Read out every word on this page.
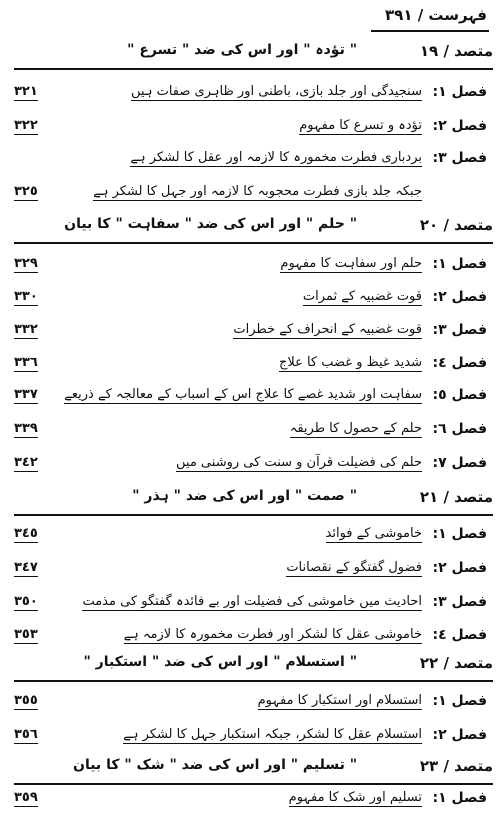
فہرست / ٣٩١
متصد / ١٩
" تؤدہ " اور اس کی ضد " تسرع "
فصل ١:
سنجیدگی اور جلد بازی، باطنی اور ظاہری صفات ہیں
٣٢١
فصل ٢:
تؤدہ و تسرع کا مفہوم
٣٢٢
فصل ٣:
بردباری فطرت مخمورہ کا لازمہ اور عقل کا لشکر ہے
جبکہ جلد بازی فطرت محجوبہ کا لازمہ اور جہل کا لشکر ہے
٣٢٥
متصد / ٢٠
" حلم " اور اس کی ضد " سفاہت " کا بیان
فصل ١:
حلم اور سفاہت کا مفہوم
٣٢٩
فصل ٢:
قوت غضبیہ کے ثمرات
٣٣٠
فصل ٣:
قوت غضبیہ کے انحراف کے خطرات
٣٣٢
فصل ٤:
شدید غیظ و غضب کا علاج
٣٣٦
فصل ٥:
سفاہت اور شدید غصے کا علاج اس کے اسباب کے معالجہ کے ذریعے
٣٣٧
فصل ٦:
حلم کے حصول کا طریقہ
٣٣٩
فصل ٧:
حلم کی فضیلت قرآن و سنت کی روشنی میں
٣٤٢
متصد / ٢١
" صمت " اور اس کی ضد " ہذر "
فصل ١:
خاموشی کے فوائد
٣٤٥
فصل ٢:
فضول گفتگو کے نقصانات
٣٤٧
فصل ٣:
احادیث میں خاموشی کی فضیلت اور بے فائدہ گفتگو کی مذمت
٣٥٠
فصل ٤:
خاموشی عقل کا لشکر اور فطرت مخمورہ کا لازمہ ہے
٣٥٣
متصد / ٢٢
" استسلام " اور اس کی ضد " استکبار "
فصل ١:
استسلام اور استکبار کا مفہوم
٣٥٥
فصل ٢:
استسلام عقل کا لشکر، جبکہ استکبار جہل کا لشکر ہے
٣٥٦
متصد / ٢٣
" تسلیم " اور اس کی ضد " شک " کا بیان
فصل ١:
تسلیم اور شک کا مفہوم
٣٥٩
